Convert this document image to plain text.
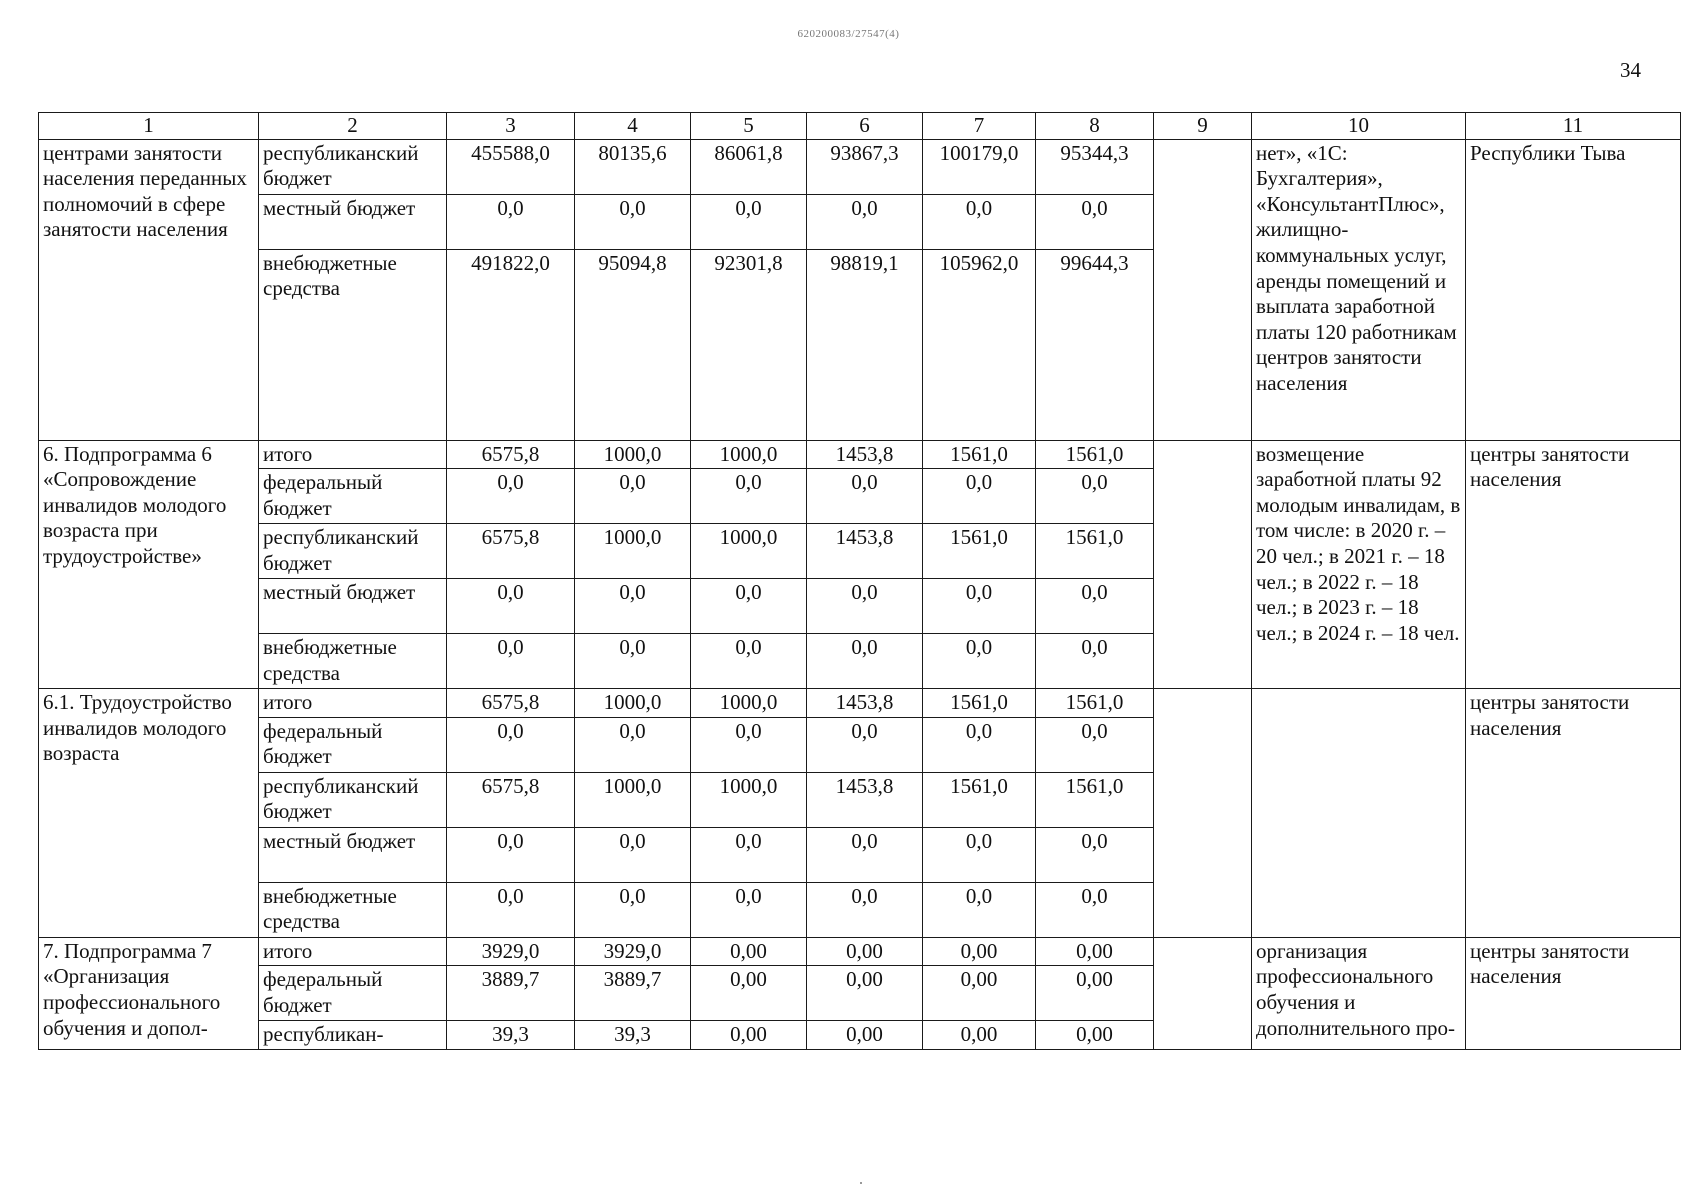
620200083/27547(4)
34
1	2	3	4	5	6	7	8	9	10	11
центрами занятости населения переданных полномочий в сфере занятости населения	республиканский бюджет	455588,0	80135,6	86061,8	93867,3	100179,0	95344,3		нет», «1С: Бухгалтерия», «КонсультантПлюс», жилищно-коммунальных услуг, аренды помещений и выплата заработной платы 120 работникам центров занятости населения	Республики Тыва
	местный бюджет	0,0	0,0	0,0	0,0	0,0	0,0			
	внебюджетные средства	491822,0	95094,8	92301,8	98819,1	105962,0	99644,3			
6. Подпрограмма 6 «Сопровождение инвалидов молодого возраста при трудоустройстве»	итого	6575,8	1000,0	1000,0	1453,8	1561,0	1561,0		возмещение заработной платы 92 молодым инвалидам, в том числе: в 2020 г. – 20 чел.; в 2021 г. – 18 чел.; в 2022 г. – 18 чел.; в 2023 г. – 18 чел.; в 2024 г. – 18 чел.	центры занятости населения
	федеральный бюджет	0,0	0,0	0,0	0,0	0,0	0,0			
	республиканский бюджет	6575,8	1000,0	1000,0	1453,8	1561,0	1561,0			
	местный бюджет	0,0	0,0	0,0	0,0	0,0	0,0			
	внебюджетные средства	0,0	0,0	0,0	0,0	0,0	0,0			
6.1. Трудоустройство инвалидов молодого возраста	итого	6575,8	1000,0	1000,0	1453,8	1561,0	1561,0			центры занятости населения
	федеральный бюджет	0,0	0,0	0,0	0,0	0,0	0,0			
	республиканский бюджет	6575,8	1000,0	1000,0	1453,8	1561,0	1561,0			
	местный бюджет	0,0	0,0	0,0	0,0	0,0	0,0			
	внебюджетные средства	0,0	0,0	0,0	0,0	0,0	0,0			
7. Подпрограмма 7 «Организация профессионального обучения и допол-	итого	3929,0	3929,0	0,00	0,00	0,00	0,00		организация профессионального обучения и дополнительного про-	центры занятости населения
	федеральный бюджет	3889,7	3889,7	0,00	0,00	0,00	0,00			
	республикан-	39,3	39,3	0,00	0,00	0,00	0,00			
